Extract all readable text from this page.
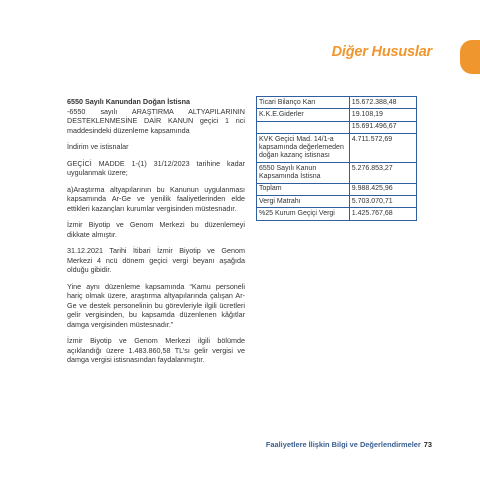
Diğer Hususlar

6550 Sayılı Kanundan Doğan İstisna

-6550 sayılı ARAŞTIRMA ALTYAPILARININ DESTEKLENMESİNE DAİR KANUN geçici 1 nci maddesindeki düzenleme kapsamında

İndirim ve istisnalar

GEÇİCİ MADDE 1-(1) 31/12/2023 tarihine kadar uygulanmak üzere;

a)Araştırma altyapılarının bu Kanunun uygulanması kapsamında Ar-Ge ve yenilik faaliyetlerinden elde ettikleri kazançları kurumlar vergisinden müstesnadır.

İzmir Biyotip ve Genom Merkezi bu düzenlemeyi dikkate almıştır.

31.12.2021 Tarihi İtibari İzmir Biyotip ve Genom Merkezi 4 ncü dönem geçici vergi beyanı aşağıda olduğu gibidir.

Yine aynı düzenleme kapsamında “Kamu personeli hariç olmak üzere, araştırma altyapılarında çalışan Ar-Ge ve destek personelinin bu görevleriyle ilgili ücretleri gelir vergisinden, bu kapsamda düzenlenen kâğıtlar damga vergisinden müstesnadır.”

İzmir Biyotip ve Genom Merkezi ilgili bölümde açıklandığı üzere 1.483.860,58 TL’sı gelir vergisi ve damga vergisi istisnasından faydalanmıştır.

Ticari Bilanço Karı	15.672.388,48
K.K.E.Giderler	19.108,19
	15.691.496,67
KVK Geçici Mad. 14/1-a kapsamında değerlemeden doğan kazanç istisnası	4.711.572,69
6550 Sayılı Kanun Kapsamında İstisna	5.276.853,27
Toplam	9.988.425,96
Vergi Matrahı	5.703.070,71
%25 Kurum Geçiçi Vergi	1.425.767,68
Faaliyetlere İlişkin Bilgi ve Değerlendirmeler 73
